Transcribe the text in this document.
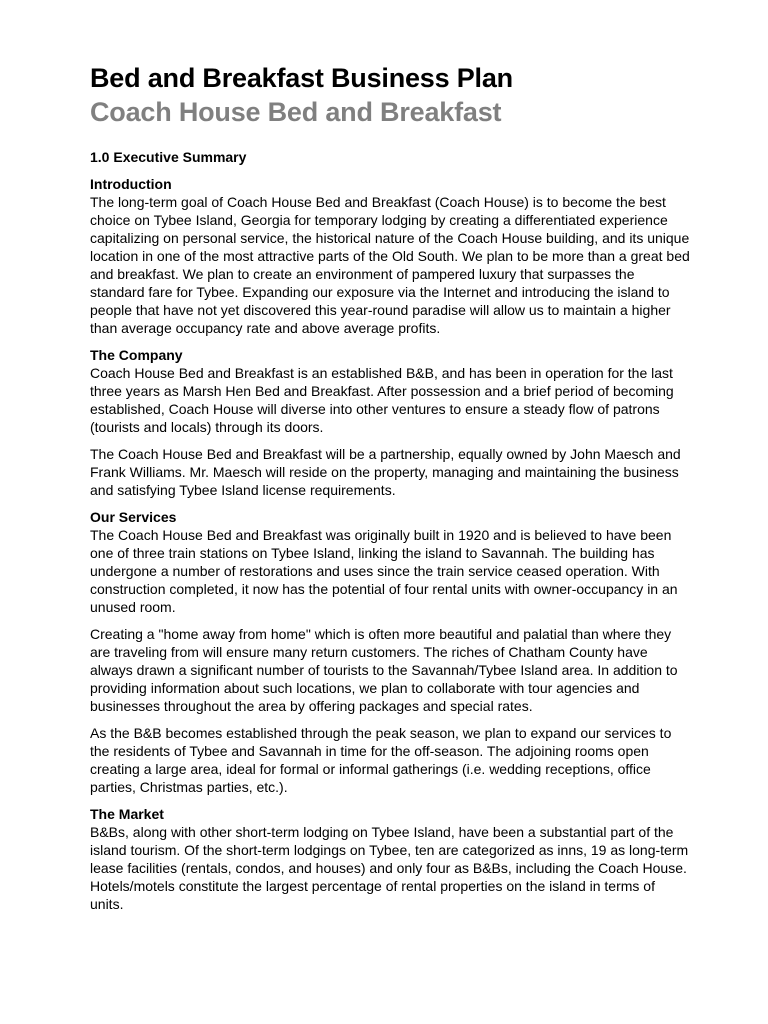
Bed and Breakfast Business Plan
Coach House Bed and Breakfast
1.0 Executive Summary
Introduction

The long-term goal of Coach House Bed and Breakfast (Coach House) is to become the best choice on Tybee Island, Georgia for temporary lodging by creating a differentiated experience capitalizing on personal service, the historical nature of the Coach House building, and its unique location in one of the most attractive parts of the Old South. We plan to be more than a great bed and breakfast. We plan to create an environment of pampered luxury that surpasses the standard fare for Tybee. Expanding our exposure via the Internet and introducing the island to people that have not yet discovered this year-round paradise will allow us to maintain a higher than average occupancy rate and above average profits.

The Company

Coach House Bed and Breakfast is an established B&B, and has been in operation for the last three years as Marsh Hen Bed and Breakfast. After possession and a brief period of becoming established, Coach House will diverse into other ventures to ensure a steady flow of patrons (tourists and locals) through its doors.

The Coach House Bed and Breakfast will be a partnership, equally owned by John Maesch and Frank Williams. Mr. Maesch will reside on the property, managing and maintaining the business and satisfying Tybee Island license requirements.

Our Services

The Coach House Bed and Breakfast was originally built in 1920 and is believed to have been one of three train stations on Tybee Island, linking the island to Savannah. The building has undergone a number of restorations and uses since the train service ceased operation. With construction completed, it now has the potential of four rental units with owner-occupancy in an unused room.

Creating a "home away from home" which is often more beautiful and palatial than where they are traveling from will ensure many return customers. The riches of Chatham County have always drawn a significant number of tourists to the Savannah/Tybee Island area. In addition to providing information about such locations, we plan to collaborate with tour agencies and businesses throughout the area by offering packages and special rates.

As the B&B becomes established through the peak season, we plan to expand our services to the residents of Tybee and Savannah in time for the off-season. The adjoining rooms open creating a large area, ideal for formal or informal gatherings (i.e. wedding receptions, office parties, Christmas parties, etc.).

The Market

B&Bs, along with other short-term lodging on Tybee Island, have been a substantial part of the island tourism. Of the short-term lodgings on Tybee, ten are categorized as inns, 19 as long-term lease facilities (rentals, condos, and houses) and only four as B&Bs, including the Coach House. Hotels/motels constitute the largest percentage of rental properties on the island in terms of units.
